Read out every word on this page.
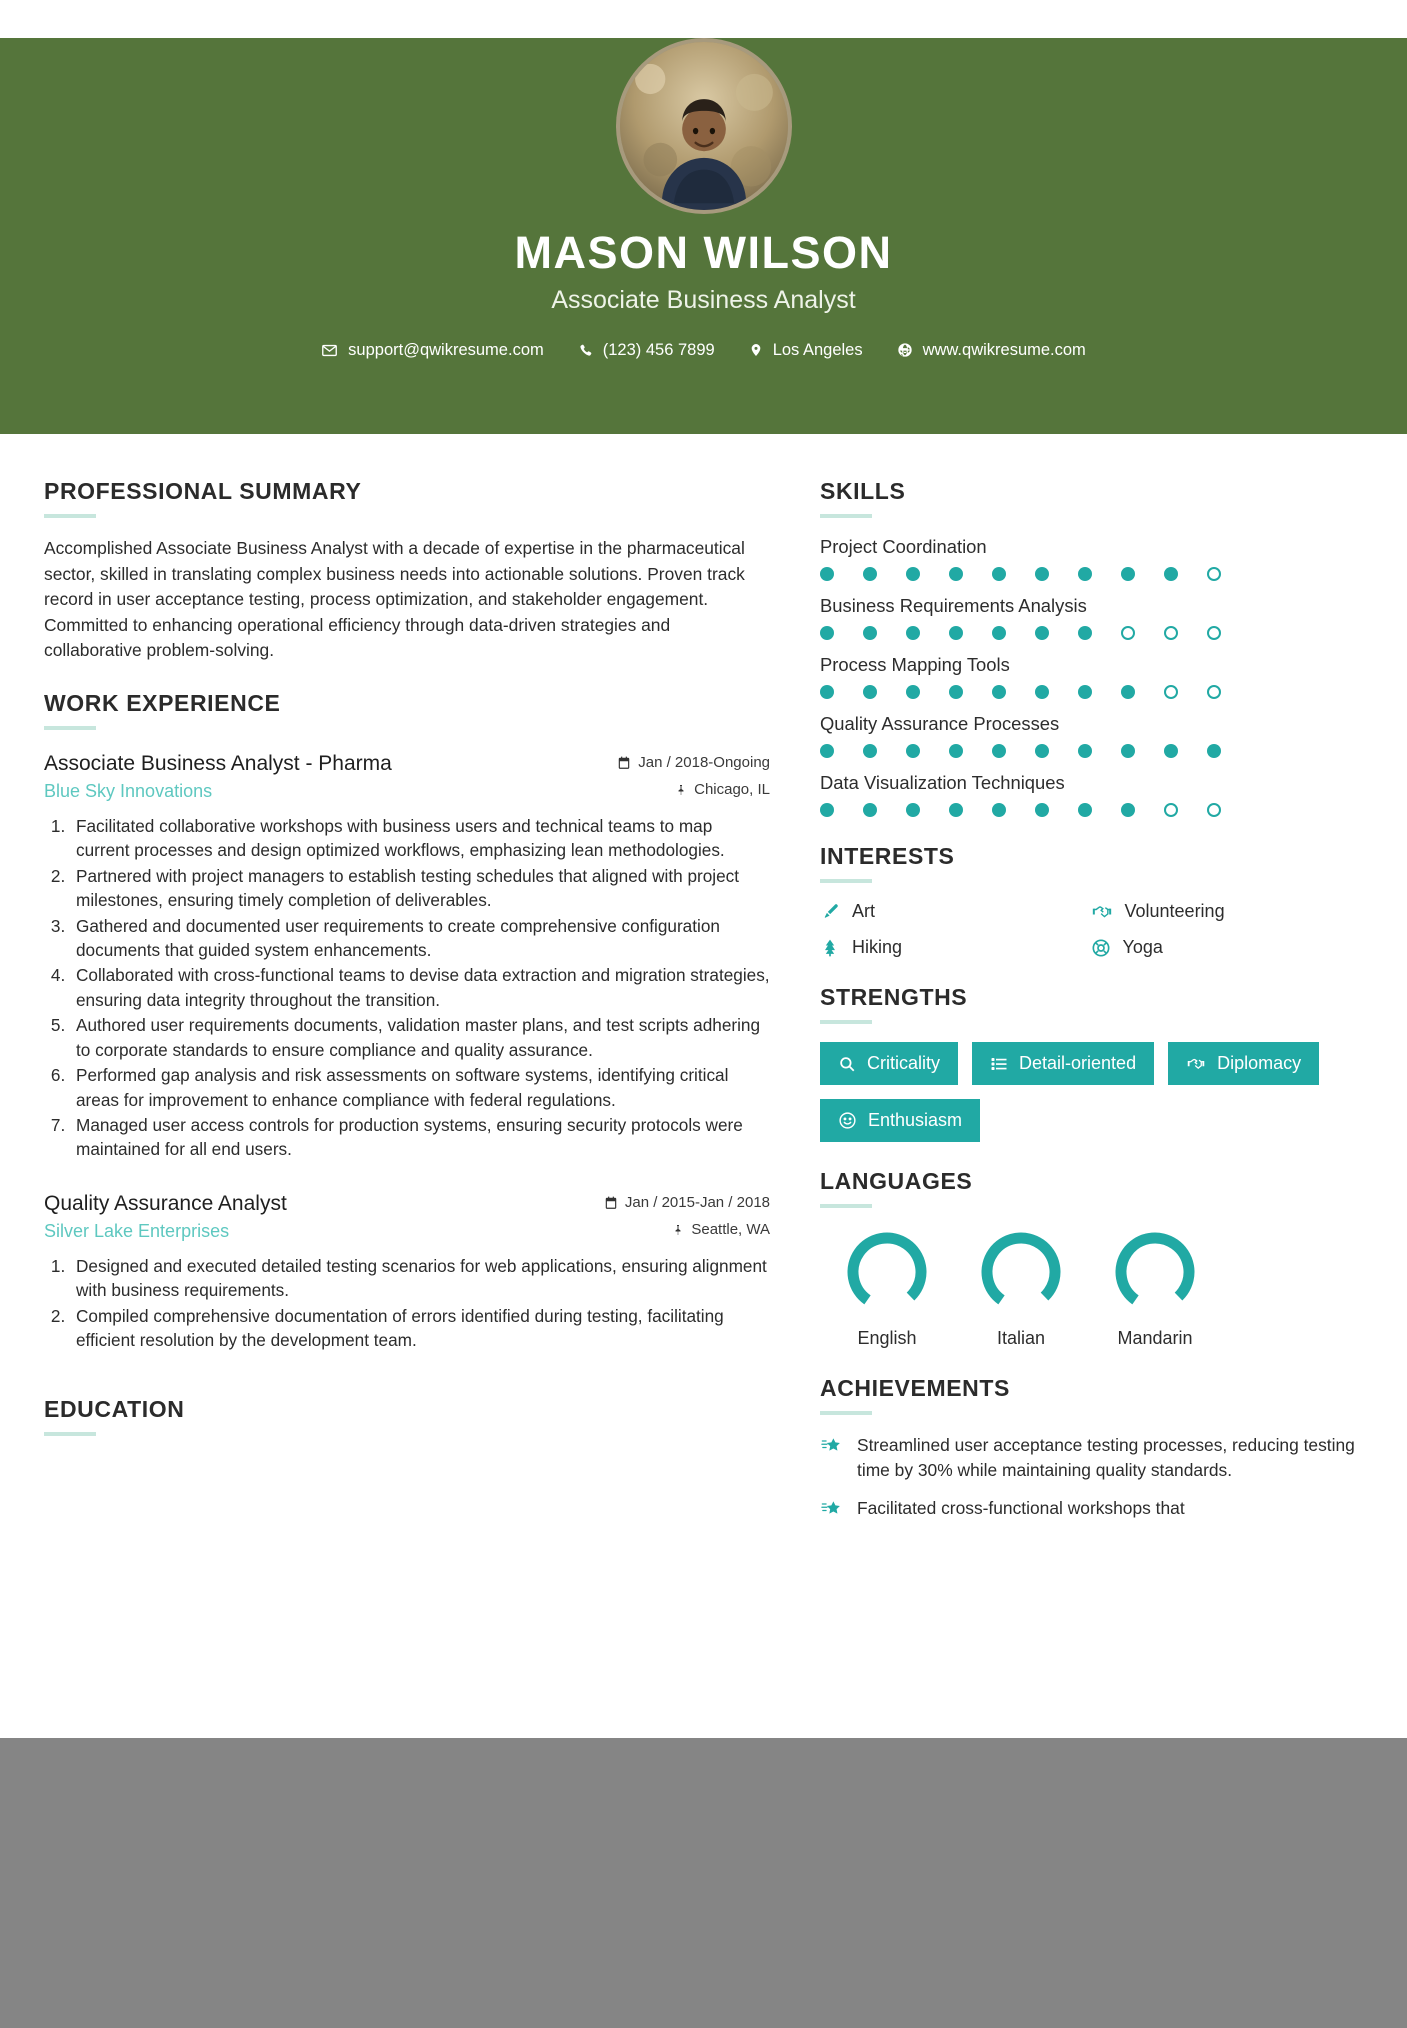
MASON WILSON
Associate Business Analyst
support@qwikresume.com	(123) 456 7899	Los Angeles	www.qwikresume.com
PROFESSIONAL SUMMARY

Accomplished Associate Business Analyst with a decade of expertise in the pharmaceutical sector, skilled in translating complex business needs into actionable solutions. Proven track record in user acceptance testing, process optimization, and stakeholder engagement. Committed to enhancing operational efficiency through data-driven strategies and collaborative problem-solving.

WORK EXPERIENCE
Associate Business Analyst - Pharma	Jan / 2018-Ongoing
Blue Sky Innovations	Chicago, IL
1. Facilitated collaborative workshops with business users and technical teams to map current processes and design optimized workflows, emphasizing lean methodologies.
2. Partnered with project managers to establish testing schedules that aligned with project milestones, ensuring timely completion of deliverables.
3. Gathered and documented user requirements to create comprehensive configuration documents that guided system enhancements.
4. Collaborated with cross-functional teams to devise data extraction and migration strategies, ensuring data integrity throughout the transition.
5. Authored user requirements documents, validation master plans, and test scripts adhering to corporate standards to ensure compliance and quality assurance.
6. Performed gap analysis and risk assessments on software systems, identifying critical areas for improvement to enhance compliance with federal regulations.
7. Managed user access controls for production systems, ensuring security protocols were maintained for all end users.
Quality Assurance Analyst	Jan / 2015-Jan / 2018
Silver Lake Enterprises	Seattle, WA
1. Designed and executed detailed testing scenarios for web applications, ensuring alignment with business requirements.
2. Compiled comprehensive documentation of errors identified during testing, facilitating efficient resolution by the development team.
EDUCATION
SKILLS
Project Coordination
Business Requirements Analysis
Process Mapping Tools
Quality Assurance Processes
Data Visualization Techniques
INTERESTS
Art	Volunteering
Hiking	Yoga
STRENGTHS
Criticality	Detail-oriented	Diplomacy
Enthusiasm
LANGUAGES
English	Italian	Mandarin
ACHIEVEMENTS
Streamlined user acceptance testing processes, reducing testing time by 30% while maintaining quality standards.
Facilitated cross-functional workshops that
